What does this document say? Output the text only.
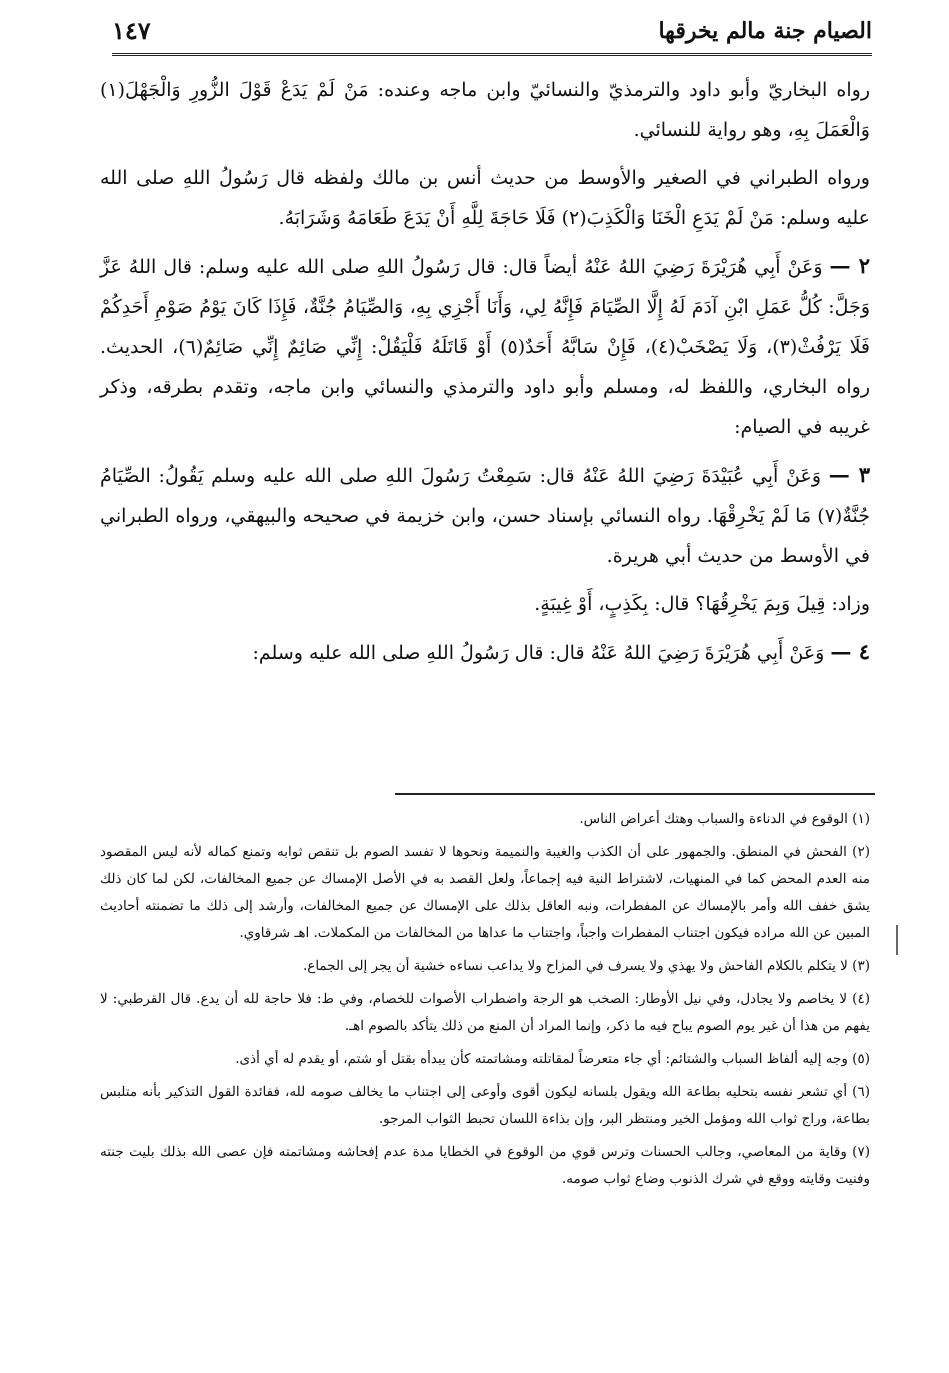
١٤٧	الصيام جنة مالم يخرقها

رواه البخاريّ وأبو داود والترمذيّ والنسائيّ وابن ماجه وعنده: مَنْ لَمْ يَدَعْ قَوْلَ الزُّورِ وَالْجَهْلَ(١) وَالْعَمَلَ بِهِ، وهو رواية للنسائي.

ورواه الطبراني في الصغير والأوسط من حديث أنس بن مالك ولفظه قال رَسُولُ اللهِ صلى الله عليه وسلم: مَنْ لَمْ يَدَعِ الْخَنَا وَالْكَذِبَ(٢) فَلَا حَاجَةَ لِلَّهِ أَنْ يَدَعَ طَعَامَهُ وَشَرَابَهُ.

٢ — وَعَنْ أَبِي هُرَيْرَةَ رَضِيَ اللهُ عَنْهُ أيضاً قال: قال رَسُولُ اللهِ صلى الله عليه وسلم: قال اللهُ عَزَّ وَجَلَّ: كُلُّ عَمَلِ ابْنِ آدَمَ لَهُ إِلَّا الصِّيَامَ فَإِنَّهُ لِي، وَأَنَا أَجْزِي بِهِ، وَالصِّيَامُ جُنَّةٌ، فَإِذَا كَانَ يَوْمُ صَوْمِ أَحَدِكُمْ فَلَا يَرْفُثْ(٣)، وَلَا يَصْخَبْ(٤)، فَإِنْ سَابَّهُ أَحَدٌ(٥) أَوْ قَاتَلَهُ فَلْيَقُلْ: إِنِّي صَائِمٌ إِنِّي صَائِمٌ(٦)، الحديث. رواه البخاري، واللفظ له، ومسلم وأبو داود والترمذي والنسائي وابن ماجه، وتقدم بطرقه، وذكر غريبه في الصيام:

٣ — وَعَنْ أَبِي عُبَيْدَةَ رَضِيَ اللهُ عَنْهُ قال: سَمِعْتُ رَسُولَ اللهِ صلى الله عليه وسلم يَقُولُ: الصِّيَامُ جُنَّةٌ(٧) مَا لَمْ يَخْرِقْهَا. رواه النسائي بإسناد حسن، وابن خزيمة في صحيحه والبيهقي، ورواه الطبراني في الأوسط من حديث أبي هريرة.

وزاد: قِيلَ وَبِمَ يَخْرِقُهَا؟ قال: بِكَذِبٍ، أَوْ غِيبَةٍ.

٤ — وَعَنْ أَبِي هُرَيْرَةَ رَضِيَ اللهُ عَنْهُ قال: قال رَسُولُ اللهِ صلى الله عليه وسلم:

(١) الوقوع في الدناءة والسباب وهتك أعراض الناس.

(٢) الفحش في المنطق. والجمهور على أن الكذب والغيبة والنميمة ونحوها لا تفسد الصوم بل تنقص ثوابه وتمنع كماله لأنه ليس المقصود منه العدم المحض كما في المنهيات، لاشتراط النية فيه إجماعاً، ولعل القصد به في الأصل الإمساك عن جميع المخالفات، لكن لما كان ذلك يشق خفف الله وأمر بالإمساك عن المفطرات، ونبه العاقل بذلك على الإمساك عن جميع المخالفات، وأرشد إلى ذلك ما تضمنته أحاديث المبين عن الله مراده فيكون اجتناب المفطرات واجباً، واجتناب ما عداها من المخالفات من المكملات. اهـ شرقاوي.

(٣) لا يتكلم بالكلام الفاحش ولا يهذي ولا يسرف في المزاح ولا يداعب نساءه خشية أن يجر إلى الجماع.

(٤) لا يخاصم ولا يجادل، وفي نيل الأوطار: الصخب هو الرجة واضطراب الأصوات للخصام، وفي ط: فلا حاجة لله أن يدع. قال القرطبي: لا يفهم من هذا أن غير يوم الصوم يباح فيه ما ذكر، وإنما المراد أن المنع من ذلك يتأكد بالصوم اهـ.

(٥) وجه إليه ألفاظ السباب والشتائم: أي جاء متعرضاً لمقاتلته ومشاتمته كأن يبدأه بقتل أو شتم، أو يقدم له أي أذى.

(٦) أي تشعر نفسه بتحليه بطاعة الله ويقول بلسانه ليكون أقوى وأوعى إلى اجتناب ما يخالف صومه لله، ففائدة القول التذكير بأنه متلبس بطاعة، وراج ثواب الله ومؤمل الخير ومنتظر البر، وإن بذاءة اللسان تحبط الثواب المرجو.

(٧) وقاية من المعاصي، وجالب الحسنات وترس قوي من الوقوع في الخطايا مدة عدم إفحاشه ومشاتمته فإن عصى الله بذلك بليت جنته وفنيت وقايته ووقع في شرك الذنوب وضاع ثواب صومه.
